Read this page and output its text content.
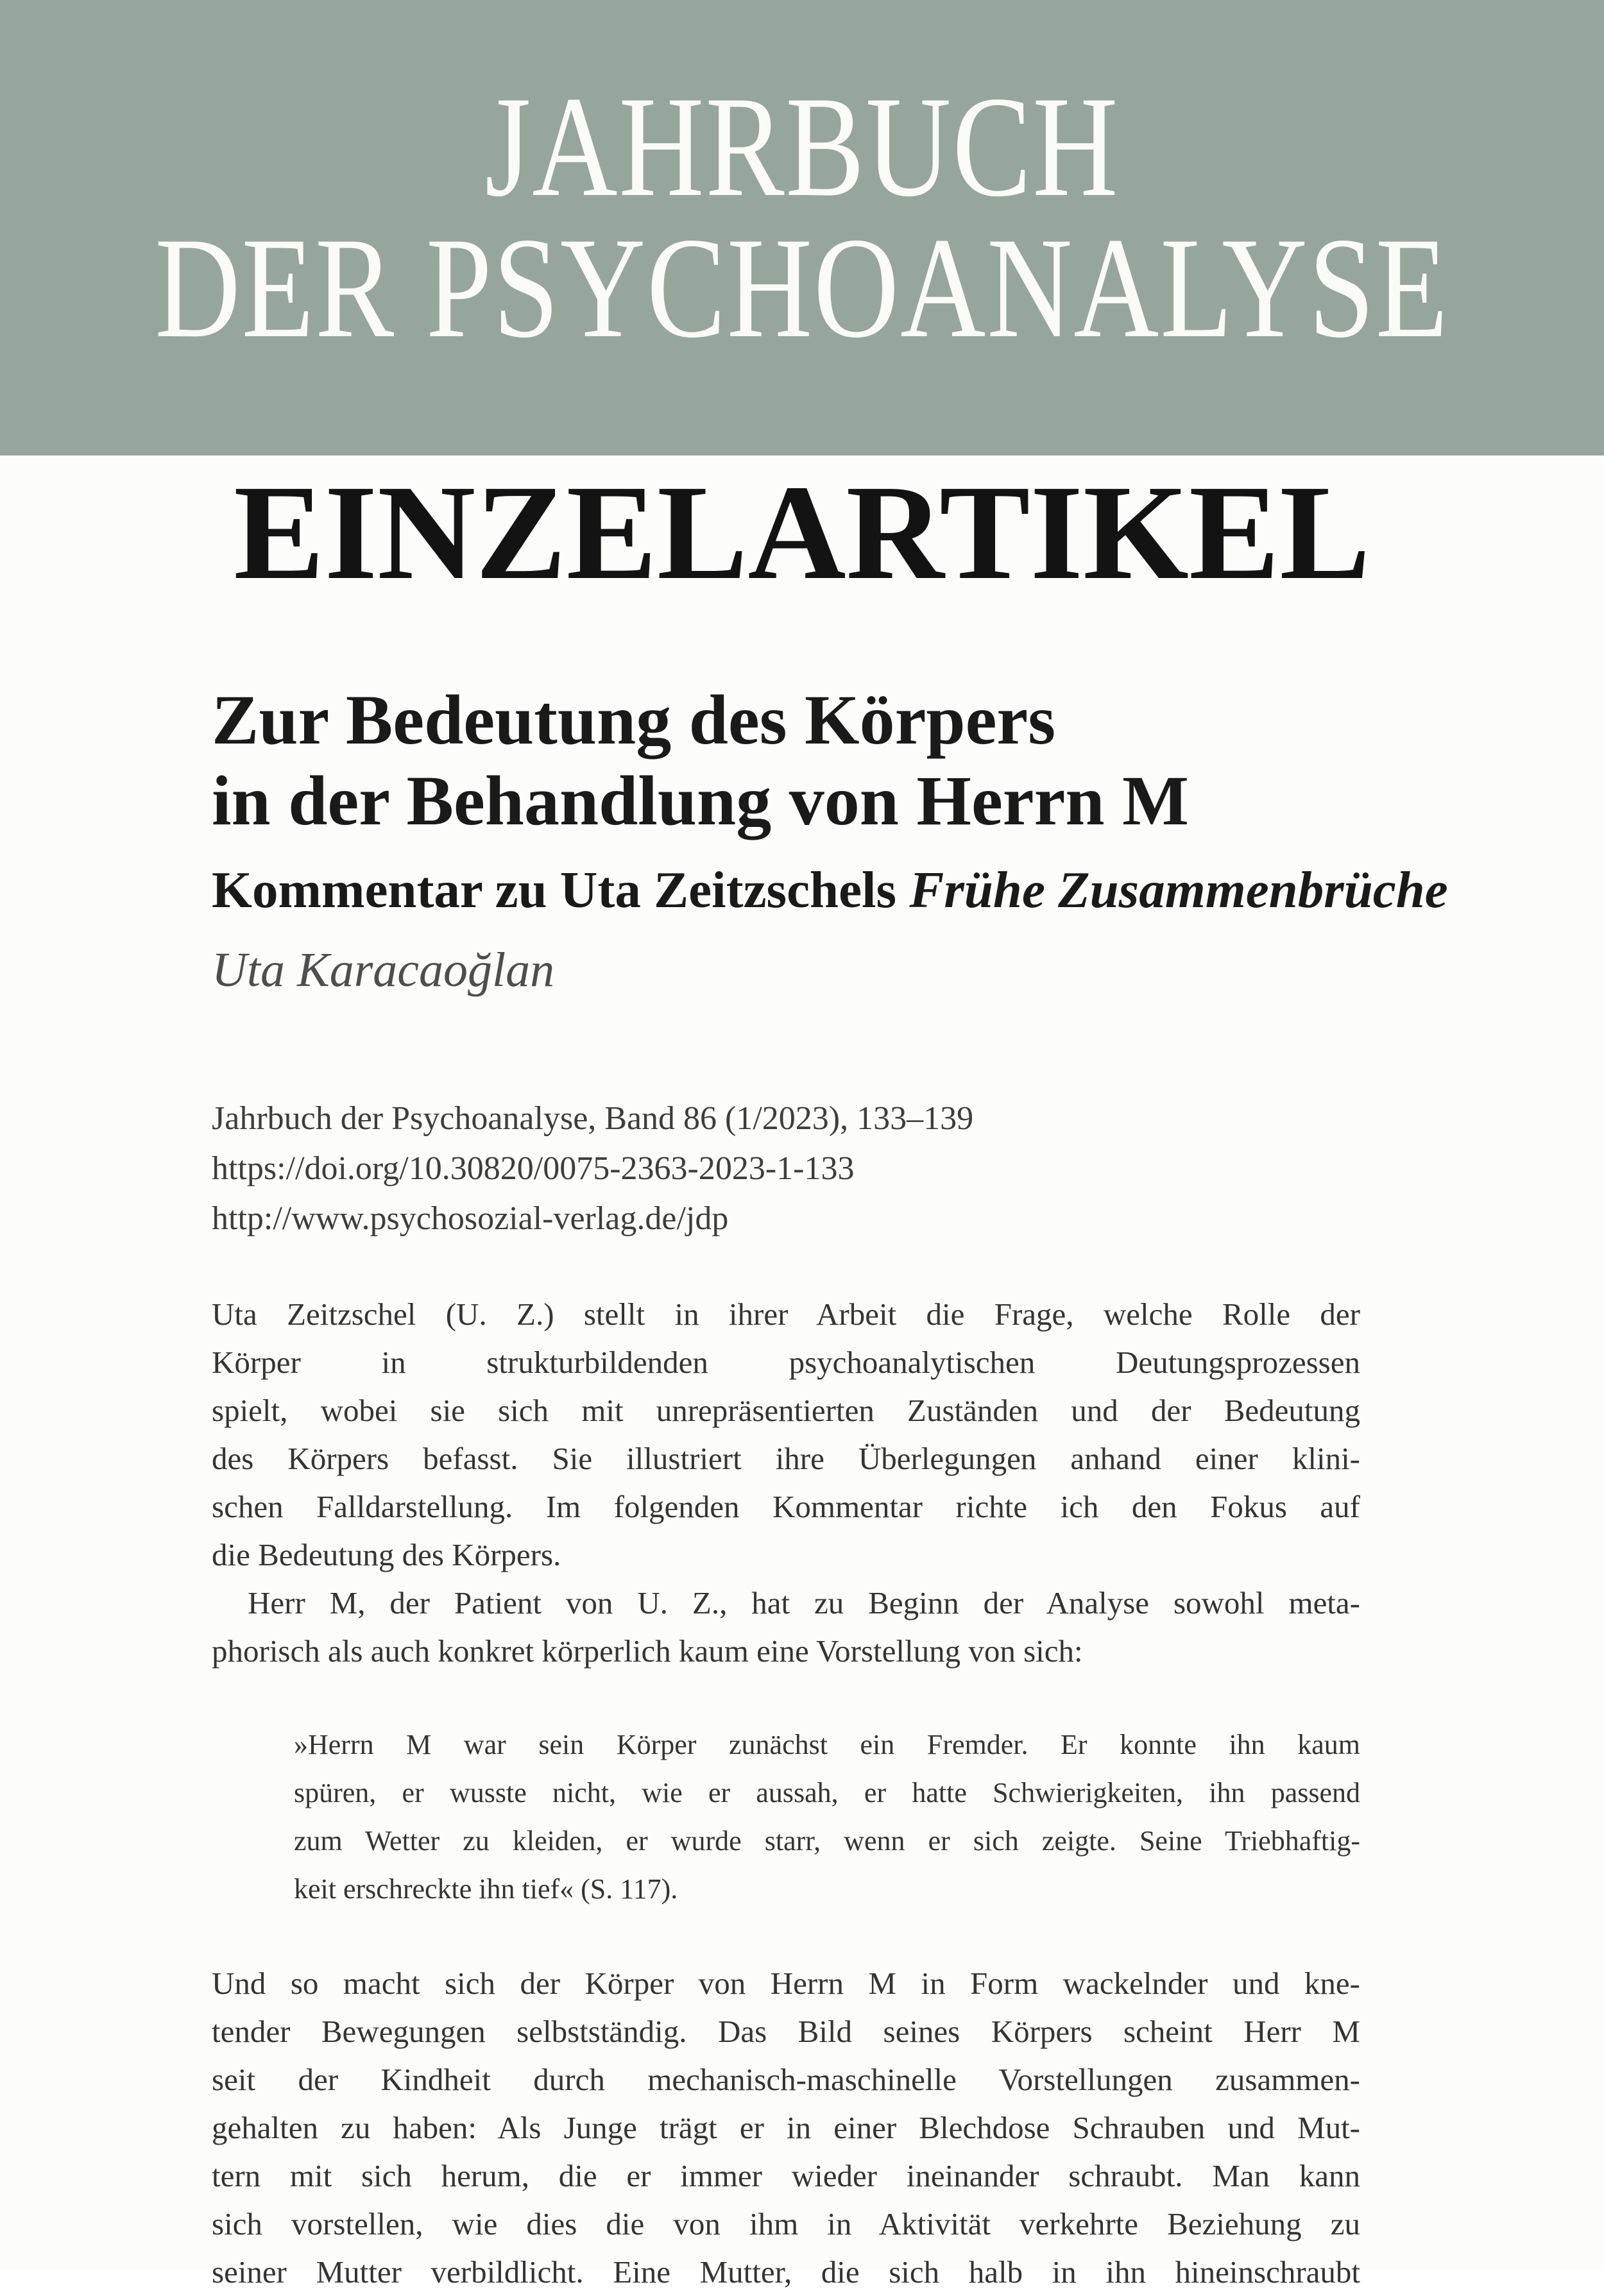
JAHRBUCH
DER PSYCHOANALYSE
EINZELARTIKEL
Zur Bedeutung des Körpers
in der Behandlung von Herrn M
Kommentar zu Uta Zeitzschels Frühe Zusammenbrüche
Uta Karacaoğlan
Jahrbuch der Psychoanalyse, Band 86 (1/2023), 133–139
https://doi.org/10.30820/0075-2363-2023-1-133
http://www.psychosozial-verlag.de/jdp
Uta Zeitzschel (U. Z.) stellt in ihrer Arbeit die Frage, welche Rolle der
Körper in strukturbildenden psychoanalytischen Deutungsprozessen
spielt, wobei sie sich mit unrepräsentierten Zuständen und der Bedeutung
des Körpers befasst. Sie illustriert ihre Überlegungen anhand einer klini-
schen Falldarstellung. Im folgenden Kommentar richte ich den Fokus auf
die Bedeutung des Körpers.
Herr M, der Patient von U. Z., hat zu Beginn der Analyse sowohl meta-
phorisch als auch konkret körperlich kaum eine Vorstellung von sich:
»Herrn M war sein Körper zunächst ein Fremder. Er konnte ihn kaum
spüren, er wusste nicht, wie er aussah, er hatte Schwierigkeiten, ihn passend
zum Wetter zu kleiden, er wurde starr, wenn er sich zeigte. Seine Triebhaftig-
keit erschreckte ihn tief« (S. 117).
Und so macht sich der Körper von Herrn M in Form wackelnder und kne-
tender Bewegungen selbstständig. Das Bild seines Körpers scheint Herr M
seit der Kindheit durch mechanisch-maschinelle Vorstellungen zusammen-
gehalten zu haben: Als Junge trägt er in einer Blechdose Schrauben und Mut-
tern mit sich herum, die er immer wieder ineinander schraubt. Man kann
sich vorstellen, wie dies die von ihm in Aktivität verkehrte Beziehung zu
seiner Mutter verbildlicht. Eine Mutter, die sich halb in ihn hineinschraubt
